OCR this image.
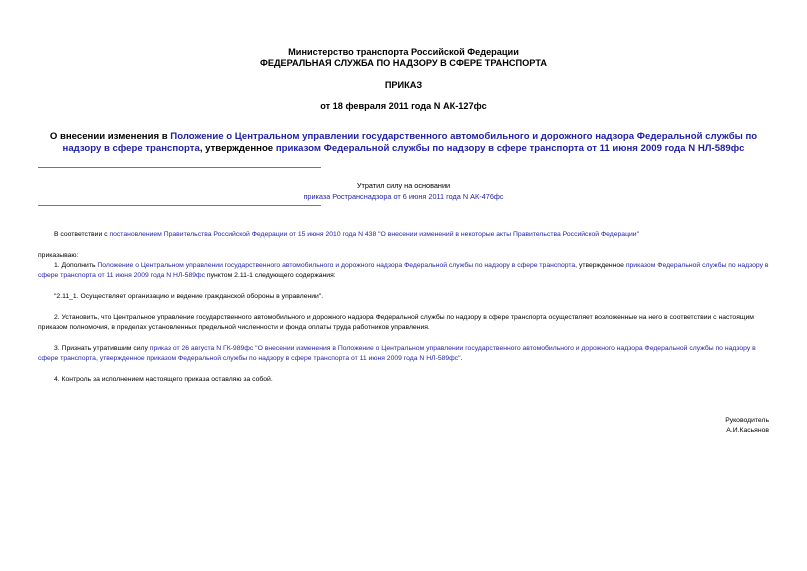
Министерство транспорта Российской Федерации
ФЕДЕРАЛЬНАЯ СЛУЖБА ПО НАДЗОРУ В СФЕРЕ ТРАНСПОРТА
ПРИКАЗ
от 18 февраля 2011 года N АК-127фс
О внесении изменения в Положение о Центральном управлении государственного автомобильного и дорожного надзора Федеральной службы по надзору в сфере транспорта, утвержденное приказом Федеральной службы по надзору в сфере транспорта от 11 июня 2009 года N НЛ-589фс
Утратил силу на основании
приказа Ространснадзора от 6 июня 2011 года N АК-476фс
В соответствии с постановлением Правительства Российской Федерации от 15 июня 2010 года N 438 "О внесении изменений в некоторые акты Правительства Российской Федерации"
приказываю:
1. Дополнить Положение о Центральном управлении государственного автомобильного и дорожного надзора Федеральной службы по надзору в сфере транспорта, утвержденное приказом Федеральной службы по надзору в сфере транспорта от 11 июня 2009 года N НЛ-589фс пунктом 2.11-1 следующего содержания:
"2.11_1. Осуществляет организацию и ведение гражданской обороны в управлении".
2. Установить, что Центральное управление государственного автомобильного и дорожного надзора Федеральной службы по надзору в сфере транспорта осуществляет возложенные на него в соответствии с настоящим приказом полномочия, в пределах установленных предельной численности и фонда оплаты труда работников управления.
3. Признать утратившим силу приказ от 26 августа N ГК-989фс "О внесении изменения в Положение о Центральном управлении государственного автомобильного и дорожного надзора Федеральной службы по надзору в сфере транспорта, утвержденное приказом Федеральной службы по надзору в сфере транспорта от 11 июня 2009 года N НЛ-589фс".
4. Контроль за исполнением настоящего приказа оставляю за собой.
Руководитель
А.И.Касьянов
